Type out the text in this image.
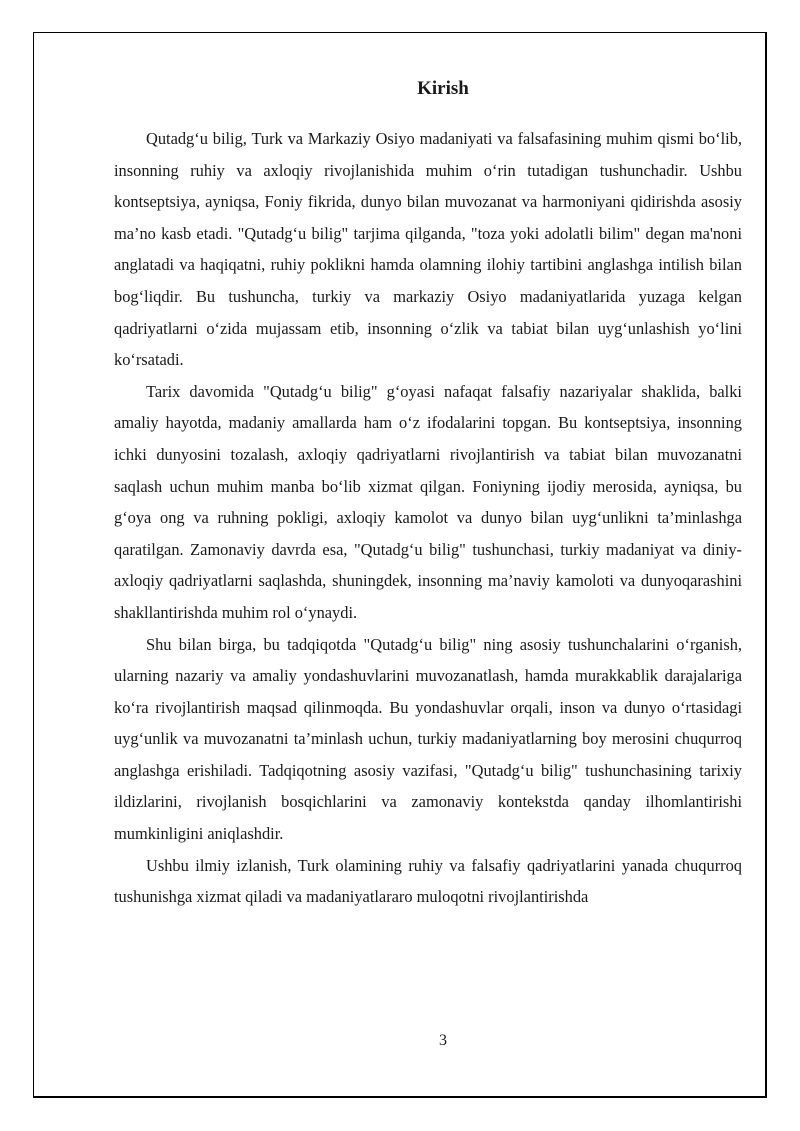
Kirish

Qutadg‘u bilig, Turk va Markaziy Osiyo madaniyati va falsafasining muhim qismi bo‘lib, insonning ruhiy va axloqiy rivojlanishida muhim o‘rin tutadigan tushunchadir. Ushbu kontseptsiya, ayniqsa, Foniy fikrida, dunyo bilan muvozanat va harmoniyani qidirishda asosiy ma’no kasb etadi. "Qutadg‘u bilig" tarjima qilganda, "toza yoki adolatli bilim" degan ma'noni anglatadi va haqiqatni, ruhiy poklikni hamda olamning ilohiy tartibini anglashga intilish bilan bog‘liqdir. Bu tushuncha, turkiy va markaziy Osiyo madaniyatlarida yuzaga kelgan qadriyatlarni o‘zida mujassam etib, insonning o‘zlik va tabiat bilan uyg‘unlashish yo‘lini ko‘rsatadi.

Tarix davomida "Qutadg‘u bilig" g‘oyasi nafaqat falsafiy nazariyalar shaklida, balki amaliy hayotda, madaniy amallarda ham o‘z ifodalarini topgan. Bu kontseptsiya, insonning ichki dunyosini tozalash, axloqiy qadriyatlarni rivojlantirish va tabiat bilan muvozanatni saqlash uchun muhim manba bo‘lib xizmat qilgan. Foniyning ijodiy merosida, ayniqsa, bu g‘oya ong va ruhning pokligi, axloqiy kamolot va dunyo bilan uyg‘unlikni ta’minlashga qaratilgan. Zamonaviy davrda esa, "Qutadg‘u bilig" tushunchasi, turkiy madaniyat va diniy-axloqiy qadriyatlarni saqlashda, shuningdek, insonning ma’naviy kamoloti va dunyoqarashini shakllantirishda muhim rol o‘ynaydi.

Shu bilan birga, bu tadqiqotda "Qutadg‘u bilig" ning asosiy tushunchalarini o‘rganish, ularning nazariy va amaliy yondashuvlarini muvozanatlash, hamda murakkablik darajalariga ko‘ra rivojlantirish maqsad qilinmoqda. Bu yondashuvlar orqali, inson va dunyo o‘rtasidagi uyg‘unlik va muvozanatni ta’minlash uchun, turkiy madaniyatlarning boy merosini chuqurroq anglashga erishiladi. Tadqiqotning asosiy vazifasi, "Qutadg‘u bilig" tushunchasining tarixiy ildizlarini, rivojlanish bosqichlarini va zamonaviy kontekstda qanday ilhomlantirishi mumkinligini aniqlashdir.

Ushbu ilmiy izlanish, Turk olamining ruhiy va falsafiy qadriyatlarini yanada chuqurroq tushunishga xizmat qiladi va madaniyatlararo muloqotni rivojlantirishda

3
